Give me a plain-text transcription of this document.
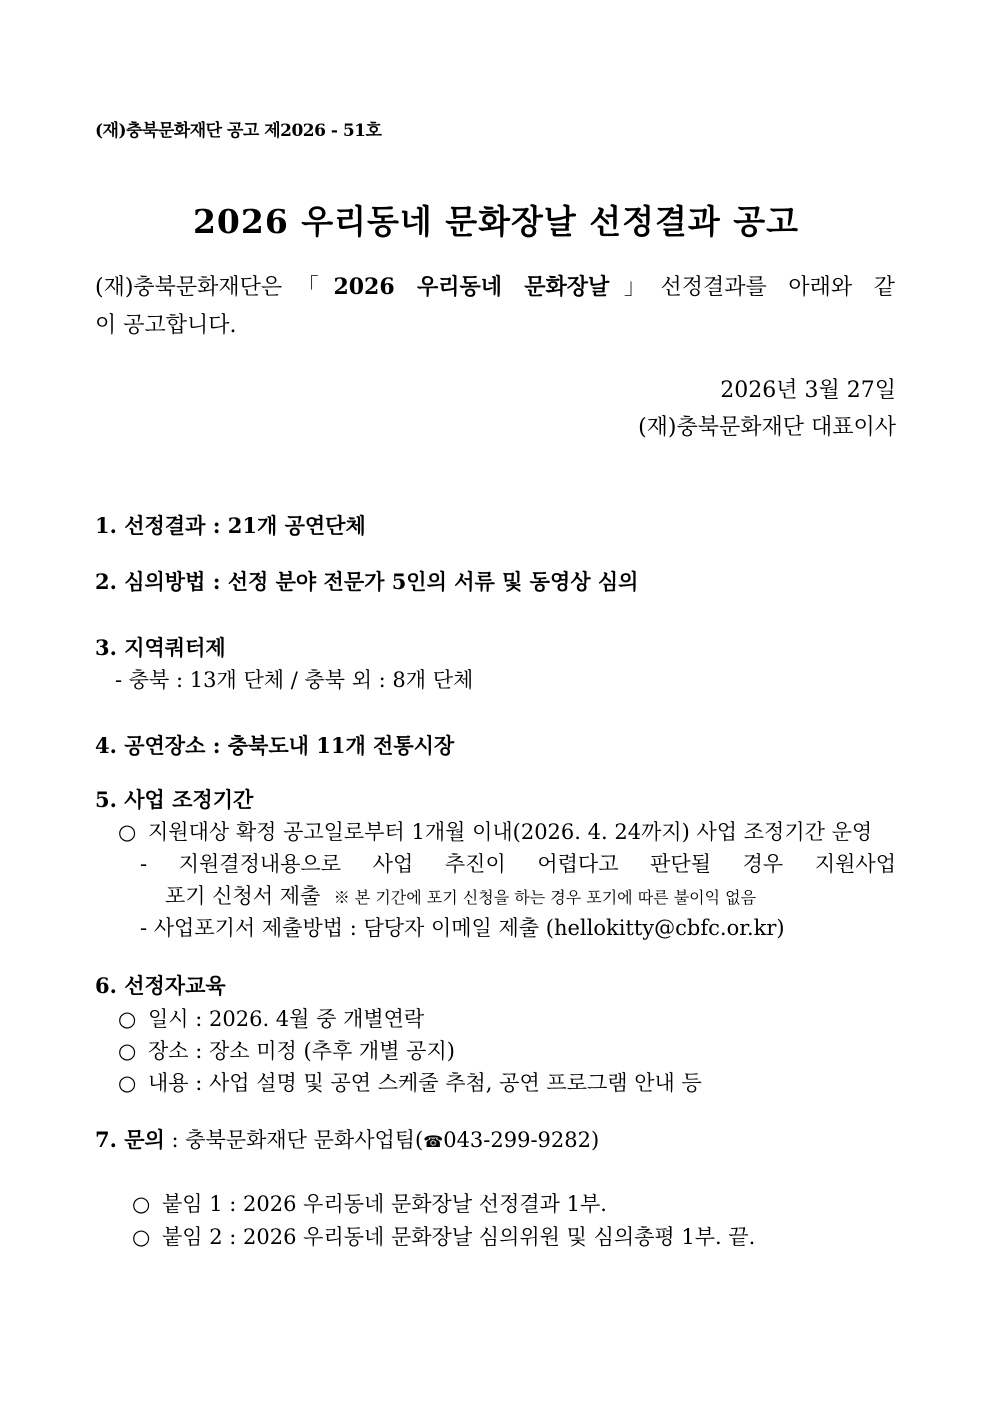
(재)충북문화재단 공고 제2026 - 51호
2026 우리동네 문화장날 선정결과 공고
(재)충북문화재단은「2026 우리동네 문화장날」선정결과를 아래와 같
이 공고합니다.
2026년 3월 27일
(재)충북문화재단 대표이사
1. 선정결과 : 21개 공연단체
2. 심의방법 : 선정 분야 전문가 5인의 서류 및 동영상 심의
3. 지역쿼터제
- 충북 : 13개 단체 / 충북 외 : 8개 단체
4. 공연장소 : 충북도내 11개 전통시장
5. 사업 조정기간
○ 지원대상 확정 공고일로부터 1개월 이내(2026. 4. 24까지) 사업 조정기간 운영
- 지원결정내용으로 사업 추진이 어렵다고 판단될 경우 지원사업
포기 신청서 제출 ※ 본 기간에 포기 신청을 하는 경우 포기에 따른 불이익 없음
- 사업포기서 제출방법 : 담당자 이메일 제출 (hellokitty@cbfc.or.kr)
6. 선정자교육
○ 일시 : 2026. 4월 중 개별연락
○ 장소 : 장소 미정 (추후 개별 공지)
○ 내용 : 사업 설명 및 공연 스케줄 추첨, 공연 프로그램 안내 등
7. 문의 : 충북문화재단 문화사업팀(☎043-299-9282)
○ 붙임 1 : 2026 우리동네 문화장날 선정결과 1부.
○ 붙임 2 : 2026 우리동네 문화장날 심의위원 및 심의총평 1부. 끝.
